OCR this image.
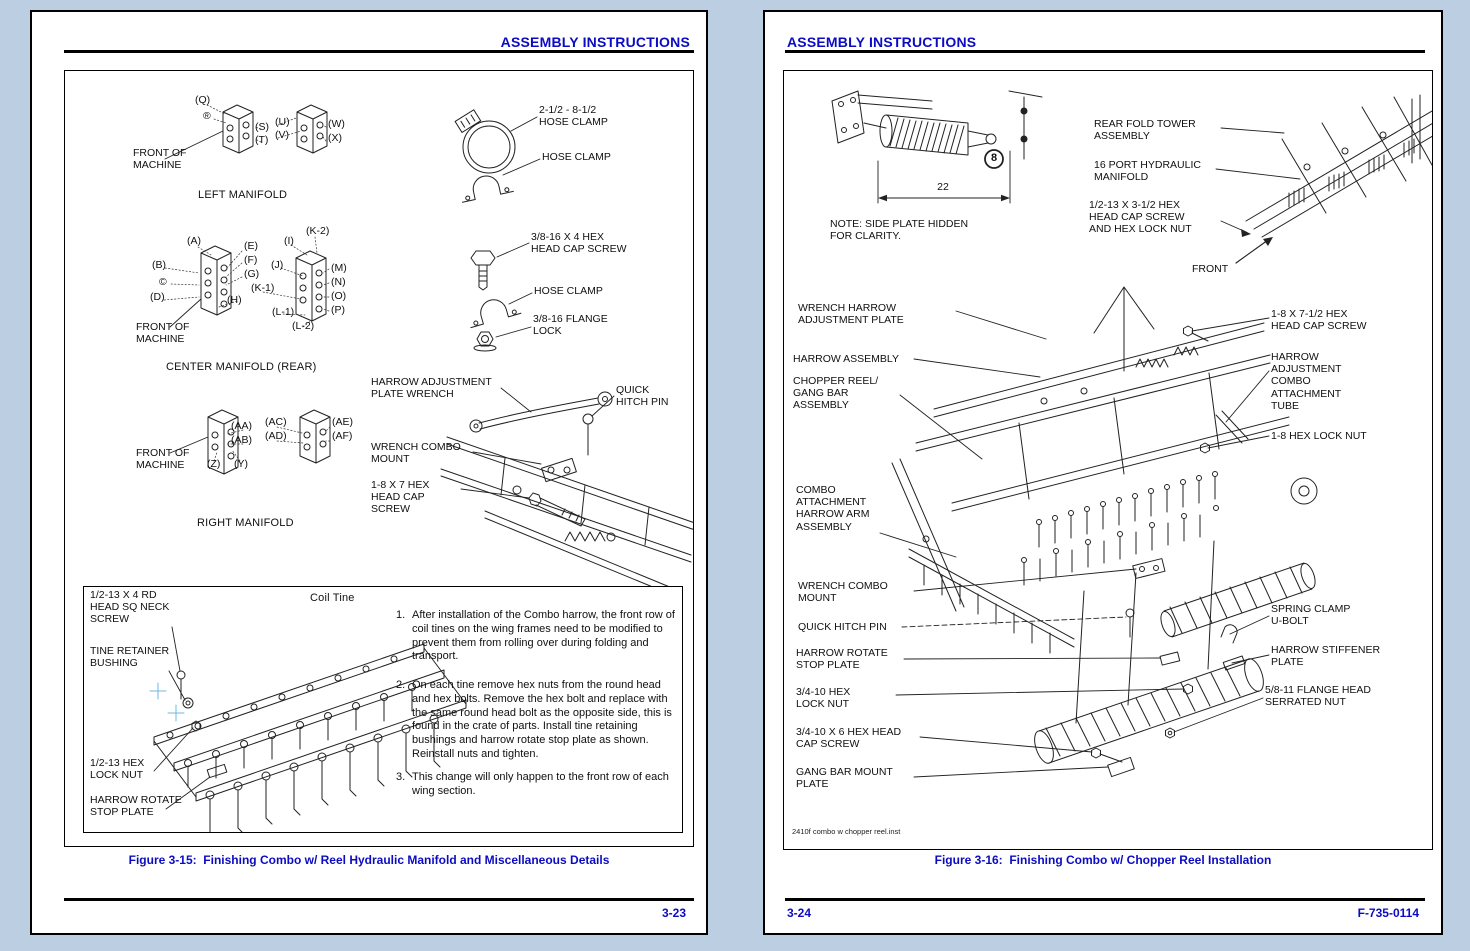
ASSEMBLY INSTRUCTIONS
(Q)
®
(S)
(T)
(U)
(V)
(W)
(X)
FRONT OF MACHINE
LEFT MANIFOLD
(A)
(B)
©
(D)
(E)
(F)
(G)
(H)
(I)
(J)
(K-1)
(K-2)
(L-1)
(L-2)
(M)
(N)
(O)
(P)
FRONT OF MACHINE
CENTER MANIFOLD (REAR)
(AA)
(AB)
(AC)
(AD)
(AE)
(AF)
(Z) (Y)
FRONT OF MACHINE
RIGHT MANIFOLD
2-1/2 - 8-1/2 HOSE CLAMP
HOSE CLAMP
3/8-16 X 4 HEX HEAD CAP SCREW
HOSE CLAMP
3/8-16 FLANGE LOCK
HARROW ADJUSTMENT PLATE WRENCH	QUICK HITCH PIN
WRENCH COMBO MOUNT
1-8 X 7 HEX HEAD CAP SCREW
Coil Tine
1/2-13 X 4 RD HEAD SQ NECK SCREW
TINE RETAINER BUSHING
1/2-13 HEX LOCK NUT
HARROW ROTATE STOP PLATE
1. After installation of the Combo harrow, the front row of coil tines on the wing frames need to be modified to prevent them from rolling over during folding and transport.
2. On each tine remove hex nuts from the round head and hex bolts. Remove the hex bolt and replace with the same round head bolt as the opposite side, this is found in the crate of parts. Install tine retaining bushings and harrow rotate stop plate as shown. Reinstall nuts and tighten.
3. This change will only happen to the front row of each wing section.
Figure 3-15:  Finishing Combo w/ Reel Hydraulic Manifold and Miscellaneous Details
3-23
ASSEMBLY INSTRUCTIONS
22
8
NOTE: SIDE PLATE HIDDEN FOR CLARITY.
REAR FOLD TOWER ASSEMBLY
16 PORT HYDRAULIC MANIFOLD
1/2-13 X 3-1/2 HEX HEAD CAP SCREW AND HEX LOCK NUT
FRONT
WRENCH HARROW ADJUSTMENT PLATE
HARROW ASSEMBLY
CHOPPER REEL/ GANG BAR ASSEMBLY
COMBO ATTACHMENT HARROW ARM ASSEMBLY
WRENCH COMBO MOUNT
QUICK HITCH PIN
HARROW ROTATE STOP PLATE
3/4-10 HEX LOCK NUT
3/4-10 X 6 HEX HEAD CAP SCREW
GANG BAR MOUNT PLATE
1-8 X 7-1/2 HEX HEAD CAP SCREW
HARROW ADJUSTMENT COMBO ATTACHMENT TUBE
1-8 HEX LOCK NUT
SPRING CLAMP U-BOLT
HARROW STIFFENER PLATE
5/8-11 FLANGE HEAD SERRATED NUT
2410f combo w chopper reel.inst
Figure 3-16:  Finishing Combo w/ Chopper Reel Installation
3-24	F-735-0114
